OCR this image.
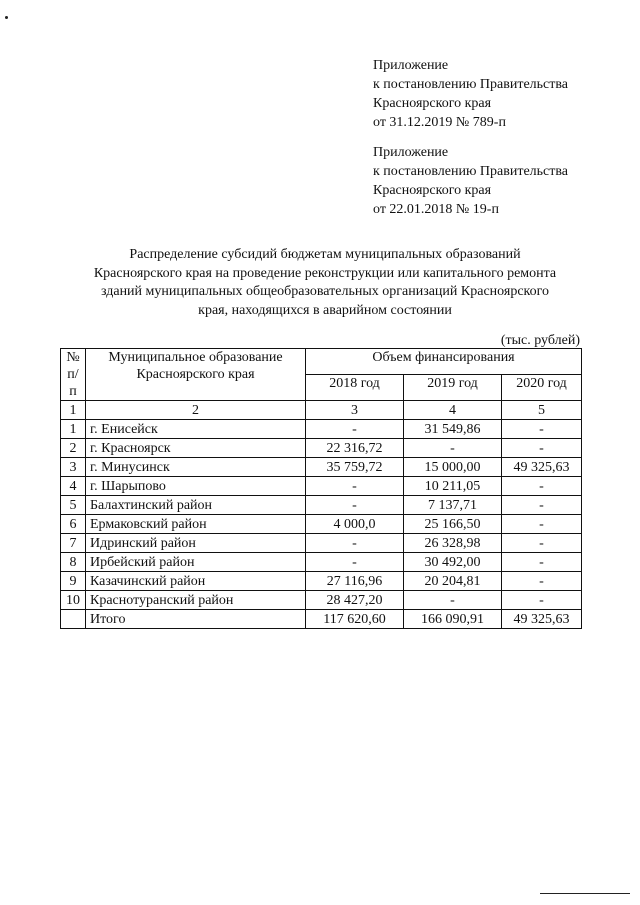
Приложение
к постановлению Правительства
Красноярского края
от 31.12.2019 № 789-п
Приложение
к постановлению Правительства
Красноярского края
от 22.01.2018 № 19-п
Распределение субсидий бюджетам муниципальных образований
Красноярского края на проведение реконструкции или капитального ремонта
зданий муниципальных общеобразовательных организаций Красноярского
края, находящихся в аварийном состоянии
(тыс. рублей)
№ п/п	Муниципальное образование Красноярского края	Объем финансирования		
		2018 год	2019 год	2020 год
1	2	3	4	5
1	г. Енисейск	-	31 549,86	-
2	г. Красноярск	22 316,72	-	-
3	г. Минусинск	35 759,72	15 000,00	49 325,63
4	г. Шарыпово	-	10 211,05	-
5	Балахтинский район	-	7 137,71	-
6	Ермаковский район	4 000,0	25 166,50	-
7	Идринский район	-	26 328,98	-
8	Ирбейский район	-	30 492,00	-
9	Казачинский район	27 116,96	20 204,81	-
10	Краснотуранский район	28 427,20	-	-
	Итого	117 620,60	166 090,91	49 325,63
